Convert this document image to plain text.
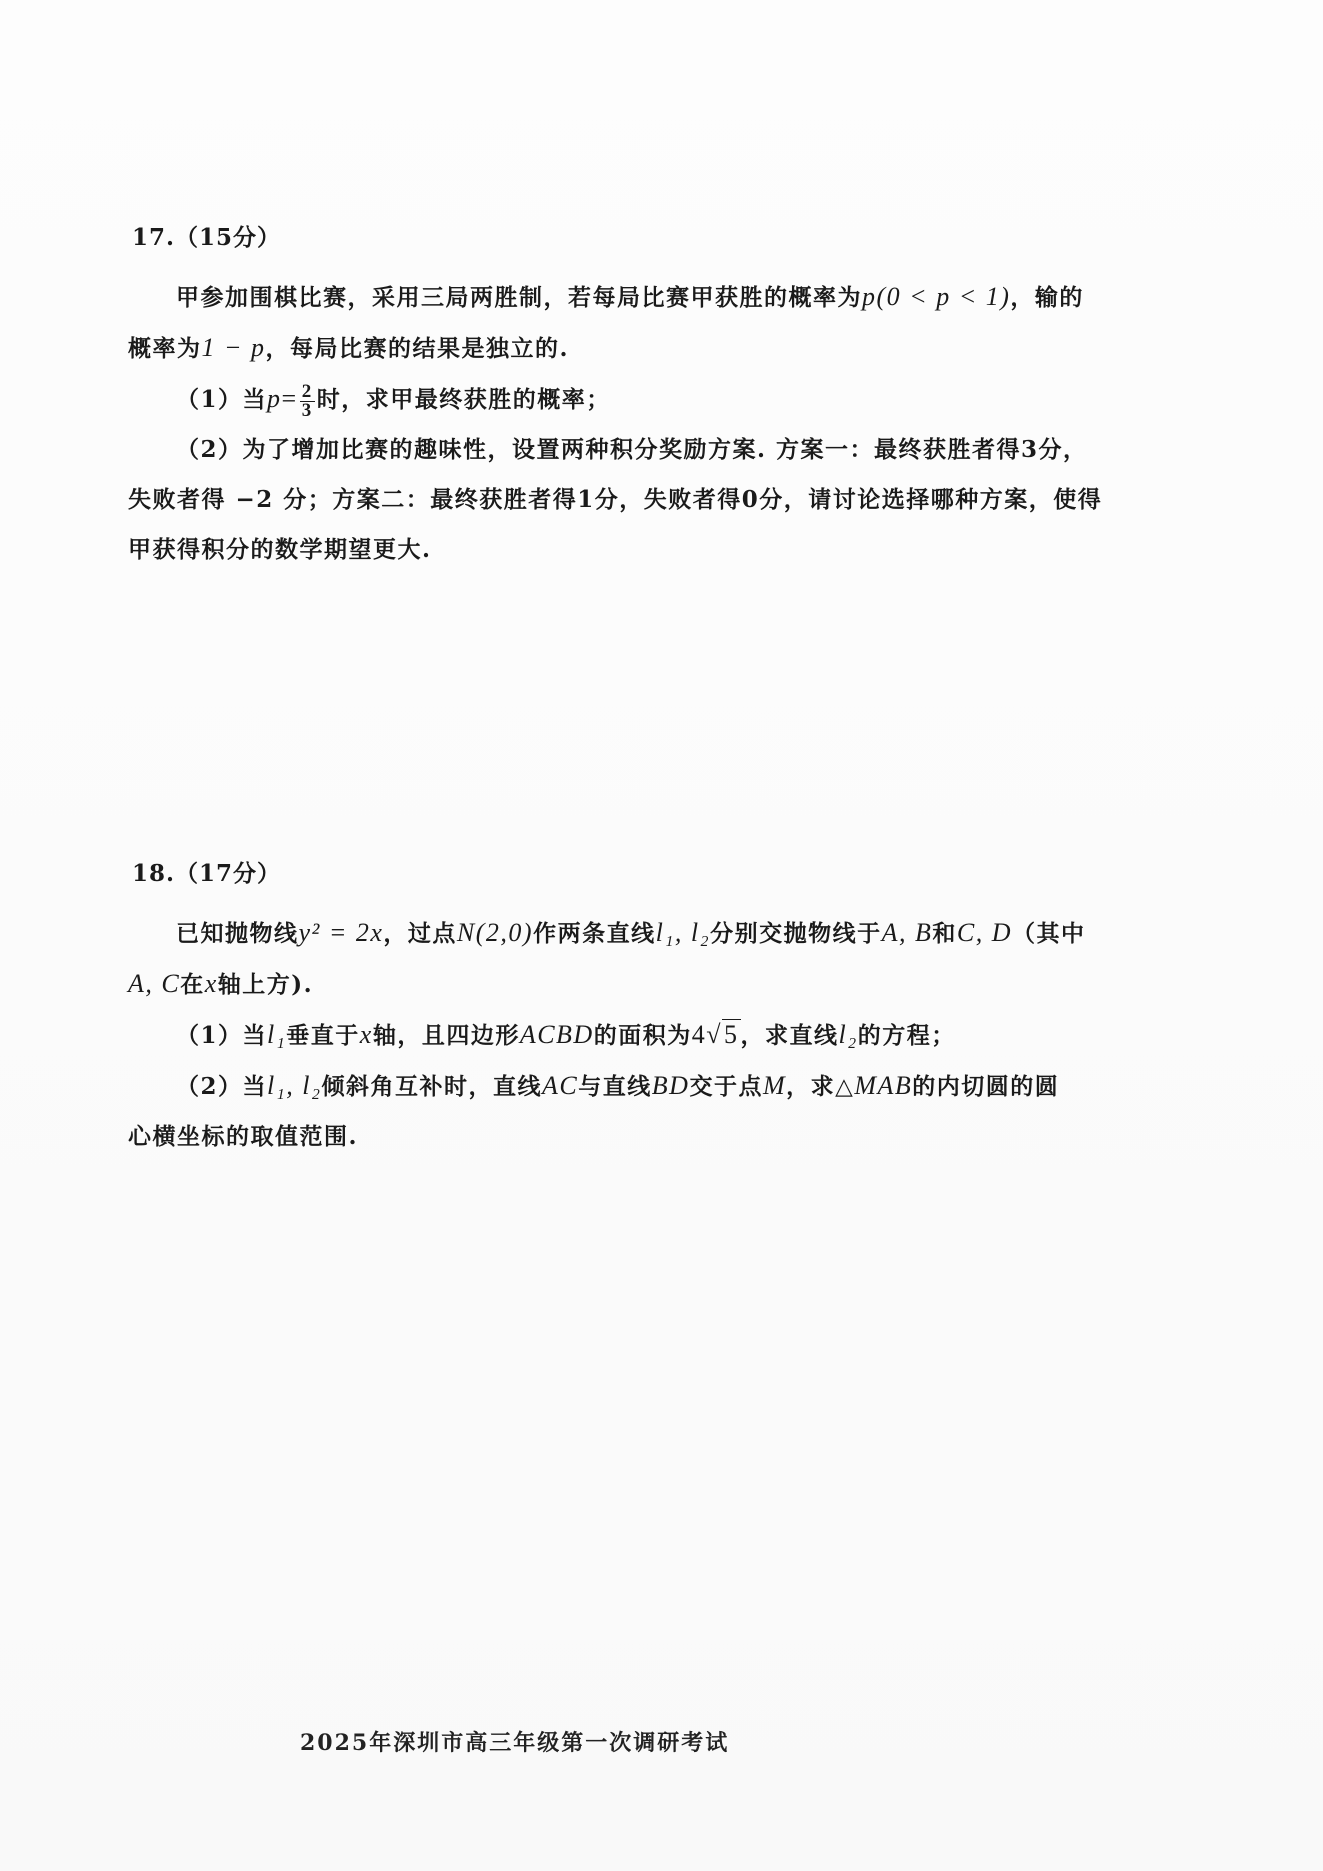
17.（15分）

甲参加围棋比赛，采用三局两胜制，若每局比赛甲获胜的概率为p(0 < p < 1)，输的

概率为1 − p，每局比赛的结果是独立的.

（1）当$p= \frac{2}{3}$ 时，求甲最终获胜的概率；

（2）为了增加比赛的趣味性，设置两种积分奖励方案. 方案一：最终获胜者得3分，

失败者得 −2 分；方案二：最终获胜者得1分，失败者得0分，请讨论选择哪种方案，使得

甲获得积分的数学期望更大.

18.（17分）

已知抛物线y² = 2x，过点N(2,0)作两条直线l₁, l₂分别交抛物线于A, B和C, D（其中

A, C在x轴上方).

（1）当l₁垂直于x轴，且四边形ACBD的面积为4√5，求直线l₂的方程；

（2）当l₁, l₂倾斜角互补时，直线AC与直线BD交于点M，求△MAB的内切圆的圆

心横坐标的取值范围.

2025年深圳市高三年级第一次调研考试
